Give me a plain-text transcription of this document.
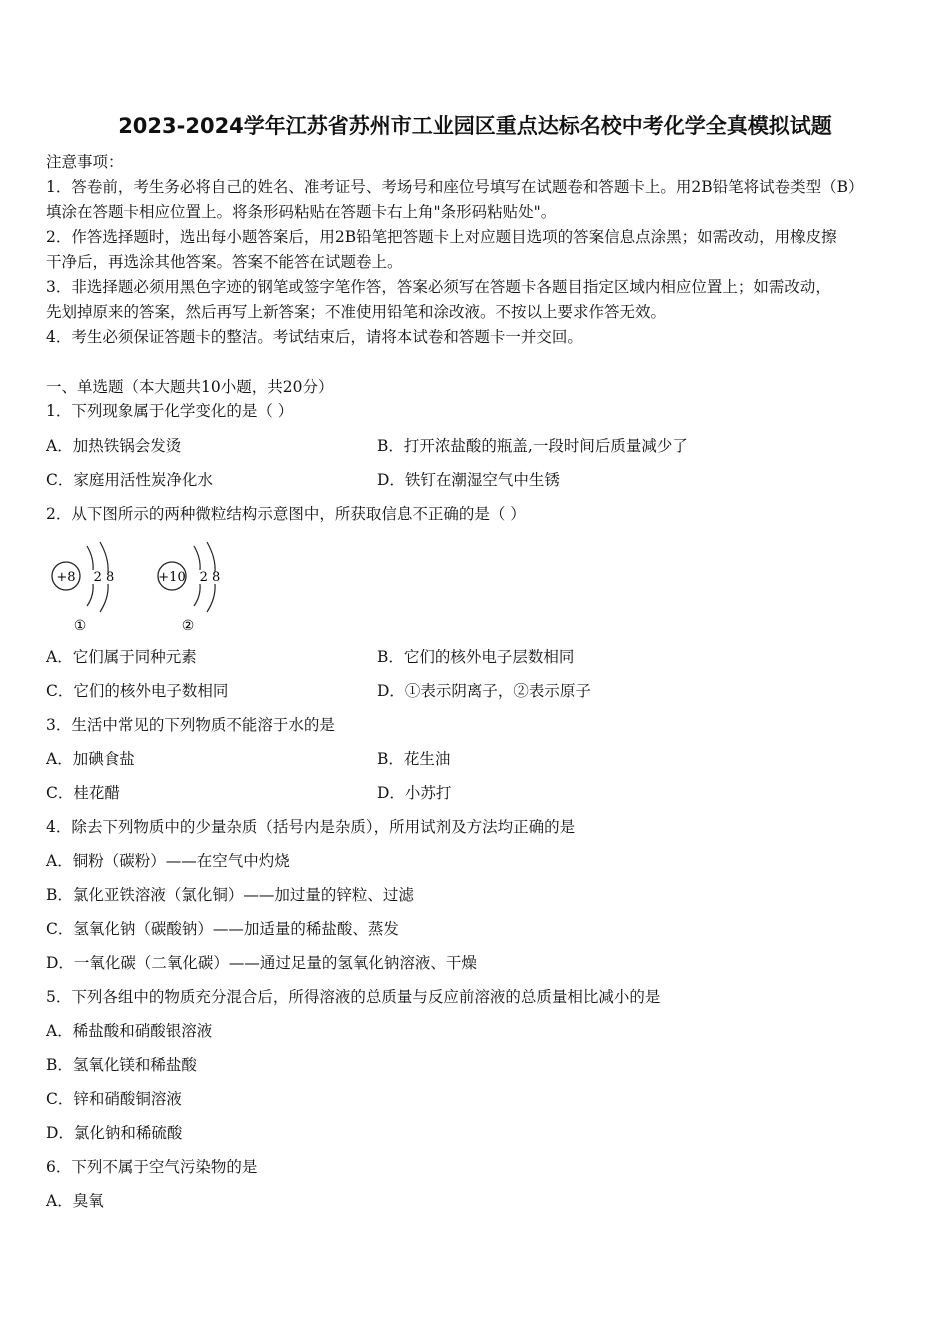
2023-2024学年江苏省苏州市工业园区重点达标名校中考化学全真模拟试题
注意事项：
1．答卷前，考生务必将自己的姓名、准考证号、考场号和座位号填写在试题卷和答题卡上。用2B铅笔将试卷类型（B）
填涂在答题卡相应位置上。将条形码粘贴在答题卡右上角"条形码粘贴处"。
2．作答选择题时，选出每小题答案后，用2B铅笔把答题卡上对应题目选项的答案信息点涂黑；如需改动，用橡皮擦
干净后，再选涂其他答案。答案不能答在试题卷上。
3．非选择题必须用黑色字迹的钢笔或签字笔作答，答案必须写在答题卡各题目指定区域内相应位置上；如需改动，
先划掉原来的答案，然后再写上新答案；不准使用铅笔和涂改液。不按以上要求作答无效。
4．考生必须保证答题卡的整洁。考试结束后，请将本试卷和答题卡一并交回。
一、单选题（本大题共10小题，共20分）
1．下列现象属于化学变化的是（ ）
A．加热铁锅会发烫	B．打开浓盐酸的瓶盖,一段时间后质量减少了
C．家庭用活性炭净化水	D．铁钉在潮湿空气中生锈
2．从下图所示的两种微粒结构示意图中，所获取信息不正确的是（ ）
+8 2 8
①
+10 2 8
②
A．它们属于同种元素	B．它们的核外电子层数相同
C．它们的核外电子数相同	D．①表示阴离子，②表示原子
3．生活中常见的下列物质不能溶于水的是
A．加碘食盐	B．花生油
C．桂花醋	D．小苏打
4．除去下列物质中的少量杂质（括号内是杂质），所用试剂及方法均正确的是
A．铜粉（碳粉）——在空气中灼烧
B．氯化亚铁溶液（氯化铜）——加过量的锌粒、过滤
C．氢氧化钠（碳酸钠）——加适量的稀盐酸、蒸发
D．一氧化碳（二氧化碳）——通过足量的氢氧化钠溶液、干燥
5．下列各组中的物质充分混合后，所得溶液的总质量与反应前溶液的总质量相比减小的是
A．稀盐酸和硝酸银溶液
B．氢氧化镁和稀盐酸
C．锌和硝酸铜溶液
D．氯化钠和稀硫酸
6．下列不属于空气污染物的是
A．臭氧
